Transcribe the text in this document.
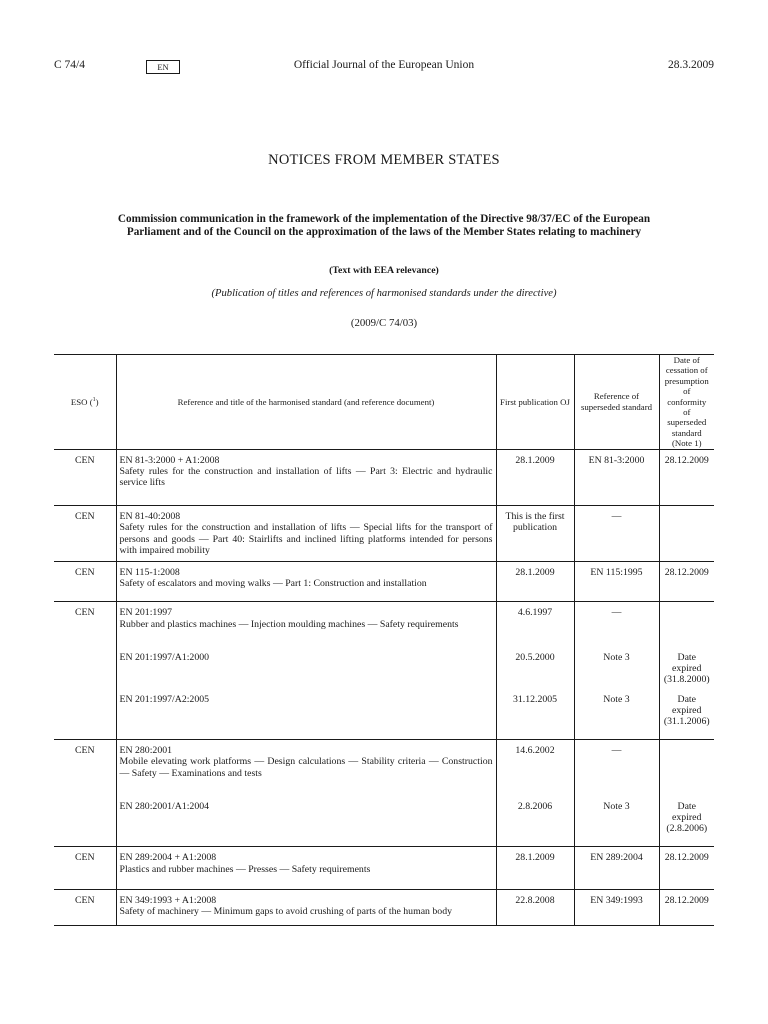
C 74/4	EN	Official Journal of the European Union	28.3.2009
NOTICES FROM MEMBER STATES
Commission communication in the framework of the implementation of the Directive 98/37/EC of the European Parliament and of the Council on the approximation of the laws of the Member States relating to machinery
(Text with EEA relevance)
(Publication of titles and references of harmonised standards under the directive)
(2009/C 74/03)
ESO ($^1$)	Reference and title of the harmonised standard (and reference document)	First publication OJ	Reference of superseded standard	Date of cessation of presumption of conformity of superseded standard (Note 1)

CEN	EN 81-3:2000 + A1:2008
Safety rules for the construction and installation of lifts — Part 3: Electric and hydraulic service lifts	28.1.2009	EN 81-3:2000	28.12.2009

CEN	EN 81-40:2008
Safety rules for the construction and installation of lifts — Special lifts for the transport of persons and goods — Part 40: Stairlifts and inclined lifting platforms intended for persons with impaired mobility	This is the first publication	—	

CEN	EN 115-1:2008
Safety of escalators and moving walks — Part 1: Construction and installation	28.1.2009	EN 115:1995	28.12.2009

CEN	EN 201:1997
Rubber and plastics machines — Injection moulding machines — Safety requirements	4.6.1997	—	

	EN 201:1997/A1:2000	20.5.2000	Note 3	Date expired (31.8.2000)

	EN 201:1997/A2:2005	31.12.2005	Note 3	Date expired (31.1.2006)

CEN	EN 280:2001
Mobile elevating work platforms — Design calculations — Stability criteria — Construction — Safety — Examinations and tests	14.6.2002	—	

	EN 280:2001/A1:2004	2.8.2006	Note 3	Date expired (2.8.2006)

CEN	EN 289:2004 + A1:2008
Plastics and rubber machines — Presses — Safety requirements	28.1.2009	EN 289:2004	28.12.2009

CEN	EN 349:1993 + A1:2008
Safety of machinery — Minimum gaps to avoid crushing of parts of the human body	22.8.2008	EN 349:1993	28.12.2009
